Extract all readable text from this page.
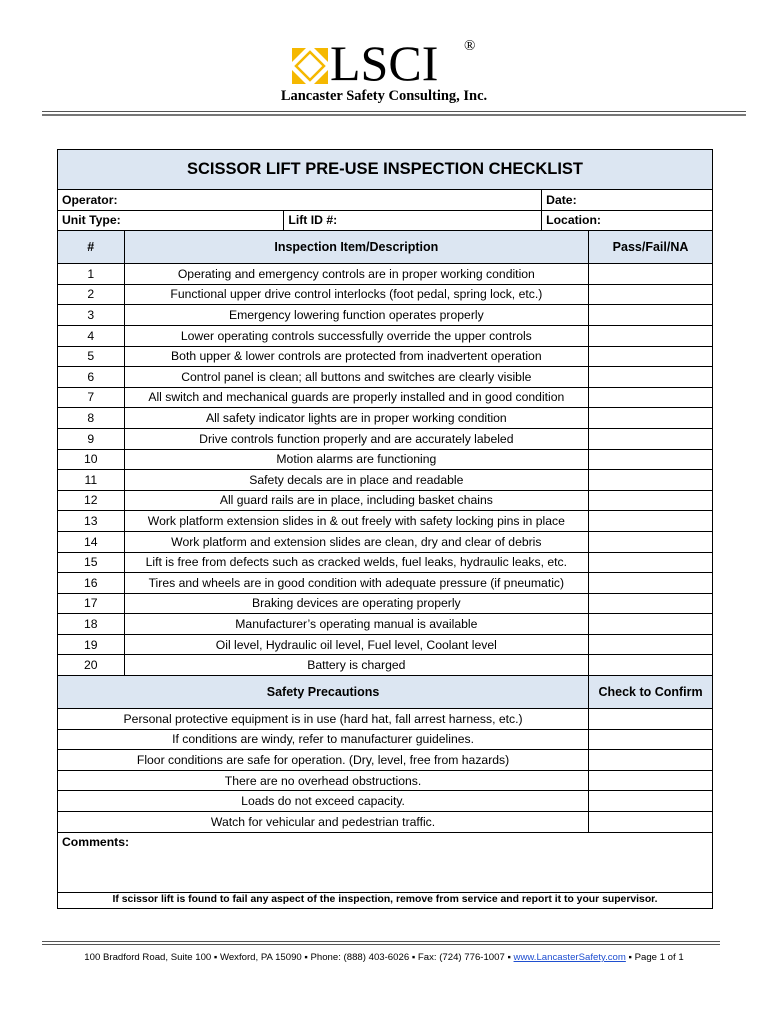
LSCI ®
Lancaster Safety Consulting, Inc.
SCISSOR LIFT PRE-USE INSPECTION CHECKLIST				
Operator:			Date:	
Unit Type:		Lift ID #:	Location:	
#	Inspection Item/Description			Pass/Fail/NA
1	Operating and emergency controls are in proper working condition			
2	Functional upper drive control interlocks (foot pedal, spring lock, etc.)			
3	Emergency lowering function operates properly			
4	Lower operating controls successfully override the upper controls			
5	Both upper & lower controls are protected from inadvertent operation			
6	Control panel is clean; all buttons and switches are clearly visible			
7	All switch and mechanical guards are properly installed and in good condition			
8	All safety indicator lights are in proper working condition			
9	Drive controls function properly and are accurately labeled			
10	Motion alarms are functioning			
11	Safety decals are in place and readable			
12	All guard rails are in place, including basket chains			
13	Work platform extension slides in & out freely with safety locking pins in place			
14	Work platform and extension slides are clean, dry and clear of debris			
15	Lift is free from defects such as cracked welds, fuel leaks, hydraulic leaks, etc.			
16	Tires and wheels are in good condition with adequate pressure (if pneumatic)			
17	Braking devices are operating properly			
18	Manufacturer’s operating manual is available			
19	Oil level, Hydraulic oil level, Fuel level, Coolant level			
20	Battery is charged			
Safety Precautions				Check to Confirm
Personal protective equipment is in use (hard hat, fall arrest harness, etc.)				
If conditions are windy, refer to manufacturer guidelines.				
Floor conditions are safe for operation. (Dry, level, free from hazards)				
There are no overhead obstructions.				
Loads do not exceed capacity.				
Watch for vehicular and pedestrian traffic.				
Comments:				
If scissor lift is found to fail any aspect of the inspection, remove from service and report it to your supervisor.				
100 Bradford Road, Suite 100 ▪ Wexford, PA 15090 ▪ Phone: (888) 403-6026 ▪ Fax: (724) 776-1007 ▪ www.LancasterSafety.com ▪ Page 1 of 1
